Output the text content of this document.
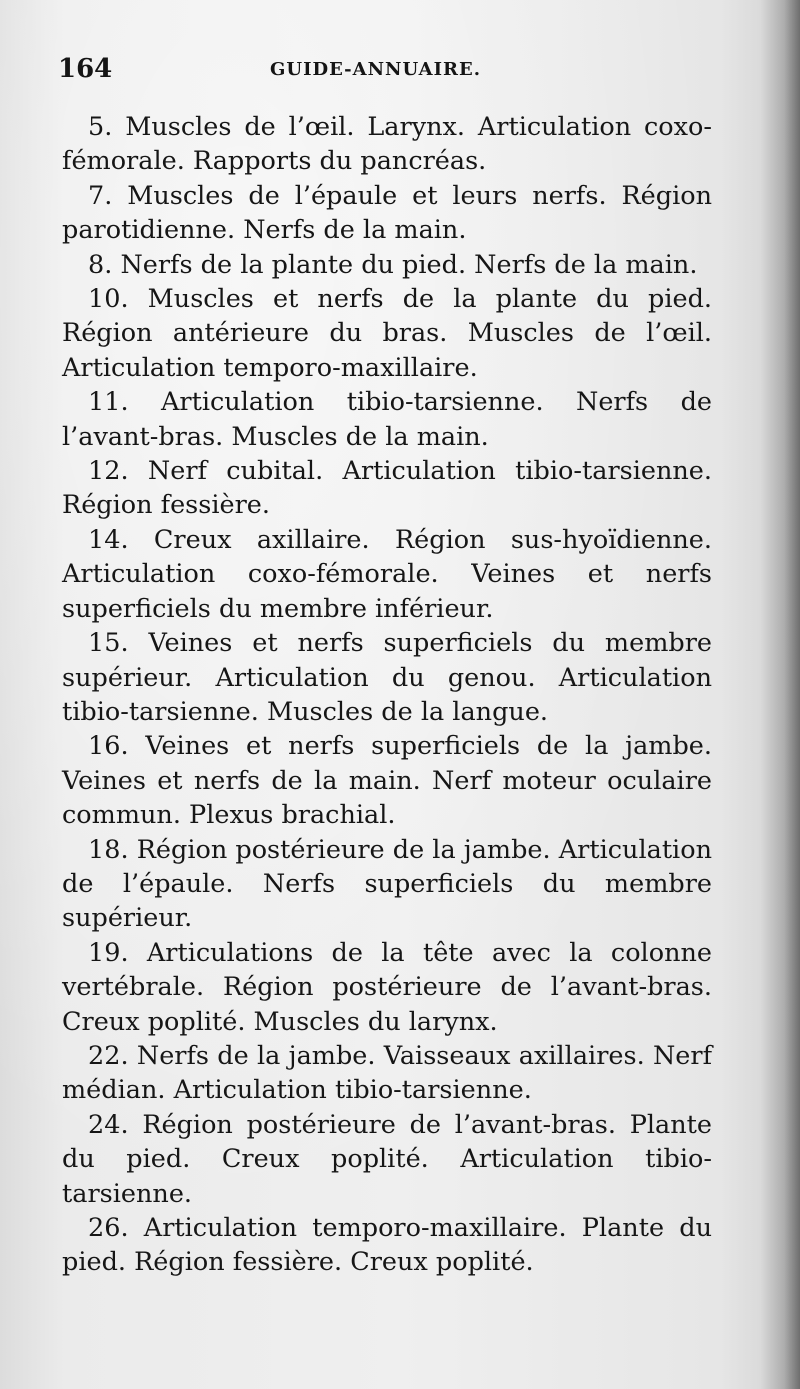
164	GUIDE-ANNUAIRE.

5. Muscles de l’œil. Larynx. Articulation coxo-fémorale. Rapports du pancréas.

7. Muscles de l’épaule et leurs nerfs. Région parotidienne. Nerfs de la main.

8. Nerfs de la plante du pied. Nerfs de la main.

10. Muscles et nerfs de la plante du pied. Région antérieure du bras. Muscles de l’œil. Articulation temporo-maxillaire.

11. Articulation tibio-tarsienne. Nerfs de l’avant-bras. Muscles de la main.

12. Nerf cubital. Articulation tibio-tarsienne. Région fessière.

14. Creux axillaire. Région sus-hyoïdienne. Articulation coxo-fémorale. Veines et nerfs superficiels du membre inférieur.

15. Veines et nerfs superficiels du membre supérieur. Articulation du genou. Articulation tibio-tarsienne. Muscles de la langue.

16. Veines et nerfs superficiels de la jambe. Veines et nerfs de la main. Nerf moteur oculaire commun. Plexus brachial.

18. Région postérieure de la jambe. Articulation de l’épaule. Nerfs superficiels du membre supérieur.

19. Articulations de la tête avec la colonne vertébrale. Région postérieure de l’avant-bras. Creux poplité. Muscles du larynx.

22. Nerfs de la jambe. Vaisseaux axillaires. Nerf médian. Articulation tibio-tarsienne.

24. Région postérieure de l’avant-bras. Plante du pied. Creux poplité. Articulation tibio-tarsienne.

26. Articulation temporo-maxillaire. Plante du pied. Région fessière. Creux poplité.
